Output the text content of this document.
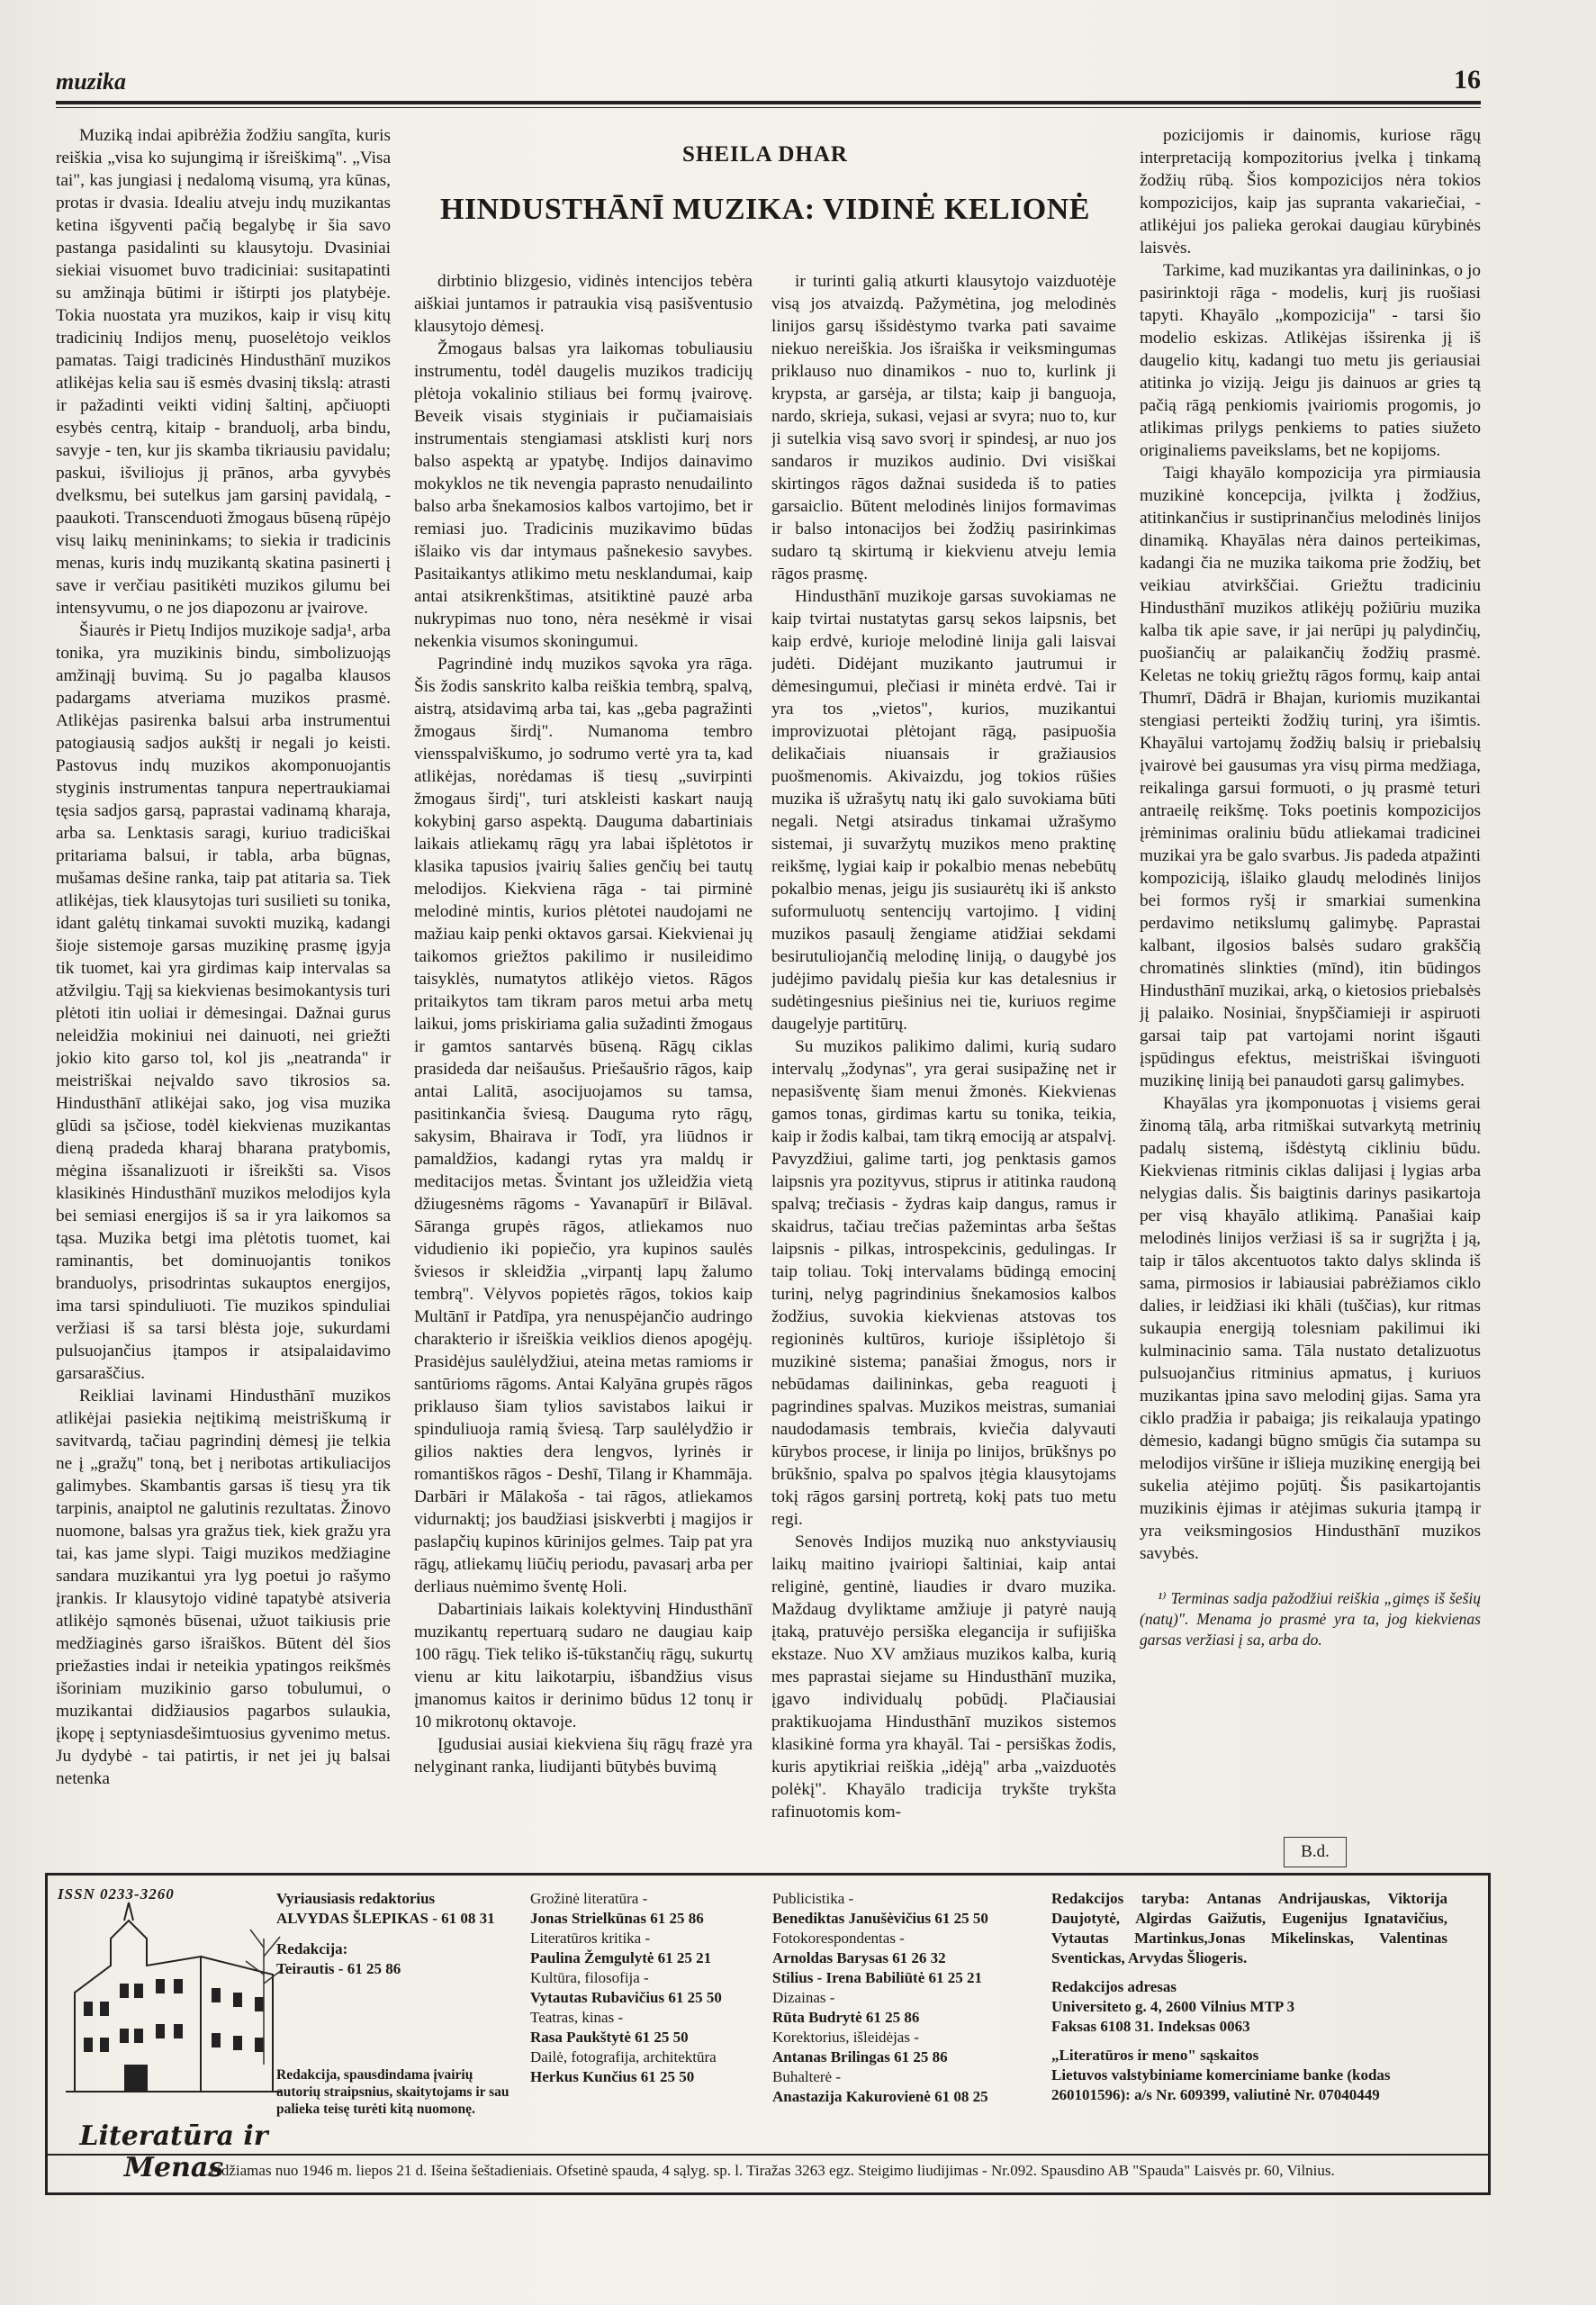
muzika	16
SHEILA DHAR
HINDUSTHĀNĪ MUZIKA: VIDINĖ KELIONĖ

Muziką indai apibrėžia žodžiu sangīta, kuris reiškia „visa ko sujungimą ir išreiškimą". „Visa tai", kas jungiasi į nedalomą visumą, yra kūnas, protas ir dvasia. Idealiu atveju indų muzikantas ketina išgyventi pačią begalybę ir šia savo pastanga pasidalinti su klausytoju. Dvasiniai siekiai visuomet buvo tradiciniai: susitapatinti su amžinąja būtimi ir ištirpti jos platybėje. Tokia nuostata yra muzikos, kaip ir visų kitų tradicinių Indijos menų, puoselėtojo veiklos pamatas. Taigi tradicinės Hindusthānī muzikos atlikėjas kelia sau iš esmės dvasinį tikslą: atrasti ir pažadinti veikti vidinį šaltinį, apčiuopti esybės centrą, kitaip - branduolį, arba bindu, savyje - ten, kur jis skamba tikriausiu pavidalu; paskui, išviliojus jį prānos, arba gyvybės dvelksmu, bei sutelkus jam garsinį pavidalą, - paaukoti. Transcenduoti žmogaus būseną rūpėjo visų laikų menininkams; to siekia ir tradicinis menas, kuris indų muzikantą skatina pasinerti į save ir verčiau pasitikėti muzikos gilumu bei intensyvumu, o ne jos diapozonu ar įvairove.

Šiaurės ir Pietų Indijos muzikoje sadja¹, arba tonika, yra muzikinis bindu, simbolizuojąs amžinąjį buvimą. Su jo pagalba klausos padargams atveriama muzikos prasmė. Atlikėjas pasirenka balsui arba instrumentui patogiausią sadjos aukštį ir negali jo keisti. Pastovus indų muzikos akomponuojantis styginis instrumentas tanpura nepertraukiamai tęsia sadjos garsą, paprastai vadinamą kharaja, arba sa. Lenktasis saragi, kuriuo tradiciškai pritariama balsui, ir tabla, arba būgnas, mušamas dešine ranka, taip pat atitaria sa. Tiek atlikėjas, tiek klausytojas turi susilieti su tonika, idant galėtų tinkamai suvokti muziką, kadangi šioje sistemoje garsas muzikinę prasmę įgyja tik tuomet, kai yra girdimas kaip intervalas sa atžvilgiu. Tąjį sa kiekvienas besimokantysis turi plėtoti itin uoliai ir dėmesingai. Dažnai gurus neleidžia mokiniui nei dainuoti, nei griežti jokio kito garso tol, kol jis „neatranda" ir meistriškai neįvaldo savo tikrosios sa. Hindusthānī atlikėjai sako, jog visa muzika glūdi sa įsčiose, todėl kiekvienas muzikantas dieną pradeda kharaj bharana pratybomis, mėgina išsanalizuoti ir išreikšti sa. Visos klasikinės Hindusthānī muzikos melodijos kyla bei semiasi energijos iš sa ir yra laikomos sa tąsa. Muzika betgi ima plėtotis tuomet, kai raminantis, bet dominuojantis tonikos branduolys, prisodrintas sukauptos energijos, ima tarsi spinduliuoti. Tie muzikos spinduliai veržiasi iš sa tarsi blėsta joje, sukurdami pulsuojančius įtampos ir atsipalaidavimo garsaraščius.

Reikliai lavinami Hindusthānī muzikos atlikėjai pasiekia neįtikimą meistriškumą ir savitvardą, tačiau pagrindinį dėmesį jie telkia ne į „gražų" toną, bet į neribotas artikuliacijos galimybes. Skambantis garsas iš tiesų yra tik tarpinis, anaiptol ne galutinis rezultatas. Žinovo nuomone, balsas yra gražus tiek, kiek gražu yra tai, kas jame slypi. Taigi muzikos medžiagine sandara muzikantui yra lyg poetui jo rašymo įrankis. Ir klausytojo vidinė tapatybė atsiveria atlikėjo sąmonės būsenai, užuot taikiusis prie medžiaginės garso išraiškos. Būtent dėl šios priežasties indai ir neteikia ypatingos reikšmės išoriniam muzikinio garso tobulumui, o muzikantai didžiausios pagarbos sulaukia, įkopę į septyniasdešimtuosius gyvenimo metus. Ju dydybė - tai patirtis, ir net jei jų balsai netenka

dirbtinio blizgesio, vidinės intencijos tebėra aiškiai juntamos ir patraukia visą pasišventusio klausytojo dėmesį.

Žmogaus balsas yra laikomas tobuliausiu instrumentu, todėl daugelis muzikos tradicijų plėtoja vokalinio stiliaus bei formų įvairovę. Beveik visais styginiais ir pučiamaisiais instrumentais stengiamasi atsklisti kurį nors balso aspektą ar ypatybę. Indijos dainavimo mokyklos ne tik nevengia paprasto nenudailinto balso arba šnekamosios kalbos vartojimo, bet ir remiasi juo. Tradicinis muzikavimo būdas išlaiko vis dar intymaus pašnekesio savybes. Pasitaikantys atlikimo metu nesklandumai, kaip antai atsikrenkštimas, atsitiktinė pauzė arba nukrypimas nuo tono, nėra nesėkmė ir visai nekenkia visumos skoningumui.

Pagrindinė indų muzikos sąvoka yra rāga. Šis žodis sanskrito kalba reiškia tembrą, spalvą, aistrą, atsidavimą arba tai, kas „geba pagražinti žmogaus širdį". Numanoma tembro viensspalviškumo, jo sodrumo vertė yra ta, kad atlikėjas, norėdamas iš tiesų „suvirpinti žmogaus širdį", turi atskleisti kaskart naują kokybinį garso aspektą. Dauguma dabartiniais laikais atliekamų rāgų yra labai išplėtotos ir klasika tapusios įvairių šalies genčių bei tautų melodijos. Kiekviena rāga - tai pirminė melodinė mintis, kurios plėtotei naudojami ne mažiau kaip penki oktavos garsai. Kiekvienai jų taikomos griežtos pakilimo ir nusileidimo taisyklės, numatytos atlikėjo vietos. Rāgos pritaikytos tam tikram paros metui arba metų laikui, joms priskiriama galia sužadinti žmogaus ir gamtos santarvės būseną. Rāgų ciklas prasideda dar neišaušus. Priešaušrio rāgos, kaip antai Lalitā, asocijuojamos su tamsa, pasitinkančia šviesą. Dauguma ryto rāgų, sakysim, Bhairava ir Todī, yra liūdnos ir pamaldžios, kadangi rytas yra maldų ir meditacijos metas. Švintant jos užleidžia vietą džiugesnėms rāgoms - Yavanapūrī ir Bilāval. Sāranga grupės rāgos, atliekamos nuo vidudienio iki popiečio, yra kupinos saulės šviesos ir skleidžia „virpantį lapų žalumo tembrą". Vėlyvos popietės rāgos, tokios kaip Multānī ir Patdīpa, yra nenuspėjančio audringo charakterio ir išreiškia veiklios dienos apogėjų. Prasidėjus saulėlydžiui, ateina metas ramioms ir santūrioms rāgoms. Antai Kalyāna grupės rāgos priklauso šiam tylios savistabos laikui ir spinduliuoja ramią šviesą. Tarp saulėlydžio ir gilios nakties dera lengvos, lyrinės ir romantiškos rāgos - Deshī, Tilang ir Khammāja. Darbāri ir Mālakoša - tai rāgos, atliekamos vidurnaktį; jos baudžiasi įsiskverbti į magijos ir paslapčių kupinos kūrinijos gelmes. Taip pat yra rāgų, atliekamų liūčių periodu, pavasarį arba per derliaus nuėmimo šventę Holi.

Dabartiniais laikais kolektyvinį Hindusthānī muzikantų repertuarą sudaro ne daugiau kaip 100 rāgų. Tiek teliko iš-tūkstančių rāgų, sukurtų vienu ar kitu laikotarpiu, išbandžius visus įmanomus kaitos ir derinimo būdus 12 tonų ir 10 mikrotonų oktavoje.

Įgudusiai ausiai kiekviena šių rāgų frazė yra nelyginant ranka, liudijanti būtybės buvimą

ir turinti galią atkurti klausytojo vaizduotėje visą jos atvaizdą. Pažymėtina, jog melodinės linijos garsų išsidėstymo tvarka pati savaime niekuo nereiškia. Jos išraiška ir veiksmingumas priklauso nuo dinamikos - nuo to, kurlink ji krypsta, ar garsėja, ar tilsta; kaip ji banguoja, nardo, skrieja, sukasi, vejasi ar svyra; nuo to, kur ji sutelkia visą savo svorį ir spindesį, ar nuo jos sandaros ir muzikos audinio. Dvi visiškai skirtingos rāgos dažnai susideda iš to paties garsaiclio. Būtent melodinės linijos formavimas ir balso intonacijos bei žodžių pasirinkimas sudaro tą skirtumą ir kiekvienu atveju lemia rāgos prasmę.

Hindusthānī muzikoje garsas suvokiamas ne kaip tvirtai nustatytas garsų sekos laipsnis, bet kaip erdvė, kurioje melodinė linija gali laisvai judėti. Didėjant muzikanto jautrumui ir dėmesingumui, plečiasi ir minėta erdvė. Tai ir yra tos „vietos", kurios, muzikantui improvizuotai plėtojant rāgą, pasipuošia delikačiais niuansais ir gražiausios puošmenomis. Akivaizdu, jog tokios rūšies muzika iš užrašytų natų iki galo suvokiama būti negali. Netgi atsiradus tinkamai užrašymo sistemai, ji suvaržytų muzikos meno praktinę reikšmę, lygiai kaip ir pokalbio menas nebebūtų pokalbio menas, jeigu jis susiaurėtų iki iš anksto suformuluotų sentencijų vartojimo. Į vidinį muzikos pasaulį žengiame atidžiai sekdami besirutuliojančią melodinę liniją, o daugybė jos judėjimo pavidalų piešia kur kas detalesnius ir sudėtingesnius piešinius nei tie, kuriuos regime daugelyje partitūrų.

Su muzikos palikimo dalimi, kurią sudaro intervalų „žodynas", yra gerai susipažinę net ir nepasišventę šiam menui žmonės. Kiekvienas gamos tonas, girdimas kartu su tonika, teikia, kaip ir žodis kalbai, tam tikrą emociją ar atspalvį. Pavyzdžiui, galime tarti, jog penktasis gamos laipsnis yra pozityvus, stiprus ir atitinka raudoną spalvą; trečiasis - žydras kaip dangus, ramus ir skaidrus, tačiau trečias pažemintas arba šeštas laipsnis - pilkas, introspekcinis, gedulingas. Ir taip toliau. Tokį intervalams būdingą emocinį turinį, nelyg pagrindinius šnekamosios kalbos žodžius, suvokia kiekvienas atstovas tos regioninės kultūros, kurioje išsiplėtojo ši muzikinė sistema; panašiai žmogus, nors ir nebūdamas dailininkas, geba reaguoti į pagrindines spalvas. Muzikos meistras, sumaniai naudodamasis tembrais, kviečia dalyvauti kūrybos procese, ir linija po linijos, brūkšnys po brūkšnio, spalva po spalvos įtėgia klausytojams tokį rāgos garsinį portretą, kokį pats tuo metu regi.

Senovės Indijos muziką nuo ankstyviausių laikų maitino įvairiopi šaltiniai, kaip antai religinė, gentinė, liaudies ir dvaro muzika. Maždaug dvyliktame amžiuje ji patyrė naują įtaką, pratuvėjo persiška elegancija ir sufijiška ekstaze. Nuo XV amžiaus muzikos kalba, kurią mes paprastai siejame su Hindusthānī muzika, įgavo individualų pobūdį. Plačiausiai praktikuojama Hindusthānī muzikos sistemos klasikinė forma yra khayāl. Tai - persiškas žodis, kuris apytikriai reiškia „idėją" arba „vaizduotės polėkį". Khayālo tradicija trykšte trykšta rafinuotomis kom-

pozicijomis ir dainomis, kuriose rāgų interpretaciją kompozitorius įvelka į tinkamą žodžių rūbą. Šios kompozicijos nėra tokios kompozicijos, kaip jas supranta vakariečiai, - atlikėjui jos palieka gerokai daugiau kūrybinės laisvės.

Tarkime, kad muzikantas yra dailininkas, o jo pasirinktoji rāga - modelis, kurį jis ruošiasi tapyti. Khayālo „kompozicija" - tarsi šio modelio eskizas. Atlikėjas išsirenka jį iš daugelio kitų, kadangi tuo metu jis geriausiai atitinka jo viziją. Jeigu jis dainuos ar gries tą pačią rāgą penkiomis įvairiomis progomis, jo atlikimas prilygs penkiems to paties siužeto originaliems paveikslams, bet ne kopijoms.

Taigi khayālo kompozicija yra pirmiausia muzikinė koncepcija, įvilkta į žodžius, atitinkančius ir sustiprinančius melodinės linijos dinamiką. Khayālas nėra dainos perteikimas, kadangi čia ne muzika taikoma prie žodžių, bet veikiau atvirkščiai. Griežtu tradiciniu Hindusthānī muzikos atlikėjų požiūriu muzika kalba tik apie save, ir jai nerūpi jų palydinčių, puošiančių ar palaikančių žodžių prasmė. Keletas ne tokių griežtų rāgos formų, kaip antai Thumrī, Dādrā ir Bhajan, kuriomis muzikantai stengiasi perteikti žodžių turinį, yra išimtis. Khayālui vartojamų žodžių balsių ir priebalsių įvairovė bei gausumas yra visų pirma medžiaga, reikalinga garsui formuoti, o jų prasmė teturi antraeilę reikšmę. Toks poetinis kompozicijos įrėminimas oraliniu būdu atliekamai tradicinei muzikai yra be galo svarbus. Jis padeda atpažinti kompoziciją, išlaiko glaudų melodinės linijos bei formos ryšį ir smarkiai sumenkina perdavimo netikslumų galimybę. Paprastai kalbant, ilgosios balsės sudaro grakščią chromatinės slinkties (mīnd), itin būdingos Hindusthānī muzikai, arką, o kietosios priebalsės jį palaiko. Nosiniai, šnypščiamieji ir aspiruoti garsai taip pat vartojami norint išgauti įspūdingus efektus, meistriškai išvinguoti muzikinę liniją bei panaudoti garsų galimybes.

Khayālas yra įkomponuotas į visiems gerai žinomą tālą, arba ritmiškai sutvarkytą metrinių padalų sistemą, išdėstytą cikliniu būdu. Kiekvienas ritminis ciklas dalijasi į lygias arba nelygias dalis. Šis baigtinis darinys pasikartoja per visą khayālo atlikimą. Panašiai kaip melodinės linijos veržiasi iš sa ir sugrįžta į ją, taip ir tālos akcentuotos takto dalys sklinda iš sama, pirmosios ir labiausiai pabrėžiamos ciklo dalies, ir leidžiasi iki khāli (tuščias), kur ritmas sukaupia energiją tolesniam pakilimui iki kulminacinio sama. Tāla nustato detalizuotus pulsuojančius ritminius apmatus, į kuriuos muzikantas įpina savo melodinį gijas. Sama yra ciklo pradžia ir pabaiga; jis reikalauja ypatingo dėmesio, kadangi būgno smūgis čia sutampa su melodijos viršūne ir išlieja muzikinę energiją bei sukelia atėjimo pojūtį. Šis pasikartojantis muzikinis ėjimas ir atėjimas sukuria įtampą ir yra veiksmingosios Hindusthānī muzikos savybės.

¹⁾ Terminas sadja pažodžiui reiškia „gimęs iš šešių (natų)". Menama jo prasmė yra ta, jog kiekvienas garsas veržiasi į sa, arba do.

B.d.
Literatūra ir Menas
ISSN 0233-3260	Vyriausiasis redaktorius
ALVYDAS ŠLEPIKAS - 61 08 31
Redakcija:
Teirautis - 61 25 86
Redakcija, spausdindama įvairių autorių straipsnius, skaitytojams ir sau palieka teisę turėti kitą nuomonę.
Grožinė literatūra -
Jonas Strielkūnas 61 25 86
Literatūros kritika -
Paulina Žemgulytė 61 25 21
Kultūra, filosofija -
Vytautas Rubavičius 61 25 50
Teatras, kinas -
Rasa Paukštytė 61 25 50
Dailė, fotografija, architektūra
Herkus Kunčius 61 25 50
Publicistika -
Benediktas Janušėvičius 61 25 50
Fotokorespondentas -
Arnoldas Barysas 61 26 32
Stilius - Irena Babiliūtė 61 25 21
Dizainas -
Rūta Budrytė 61 25 86
Korektorius, išleidėjas -
Antanas Brilingas 61 25 86
Buhalterė -
Anastazija Kakurovienė 61 08 25
Redakcijos taryba: Antanas Andrijauskas, Viktorija Daujotytė, Algirdas Gaižutis, Eugenijus Ignatavičius, Vytautas Martinkus,Jonas Mikelinskas, Valentinas Sventickas, Arvydas Šliogeris.
Redakcijos adresas
Universiteto g. 4, 2600 Vilnius MTP 3
Faksas 6108 31. Indeksas 0063
„Literatūros ir meno" sąskaitos
Lietuvos valstybiniame komerciniame banke (kodas 260101596): a/s Nr. 609399, valiutinė Nr. 07040449
Leidžiamas nuo 1946 m. liepos 21 d. Išeina šeštadieniais. Ofsetinė spauda, 4 sąlyg. sp. l. Tiražas 3263 egz. Steigimo liudijimas - Nr.092. Spausdino AB "Spauda" Laisvės pr. 60, Vilnius.
